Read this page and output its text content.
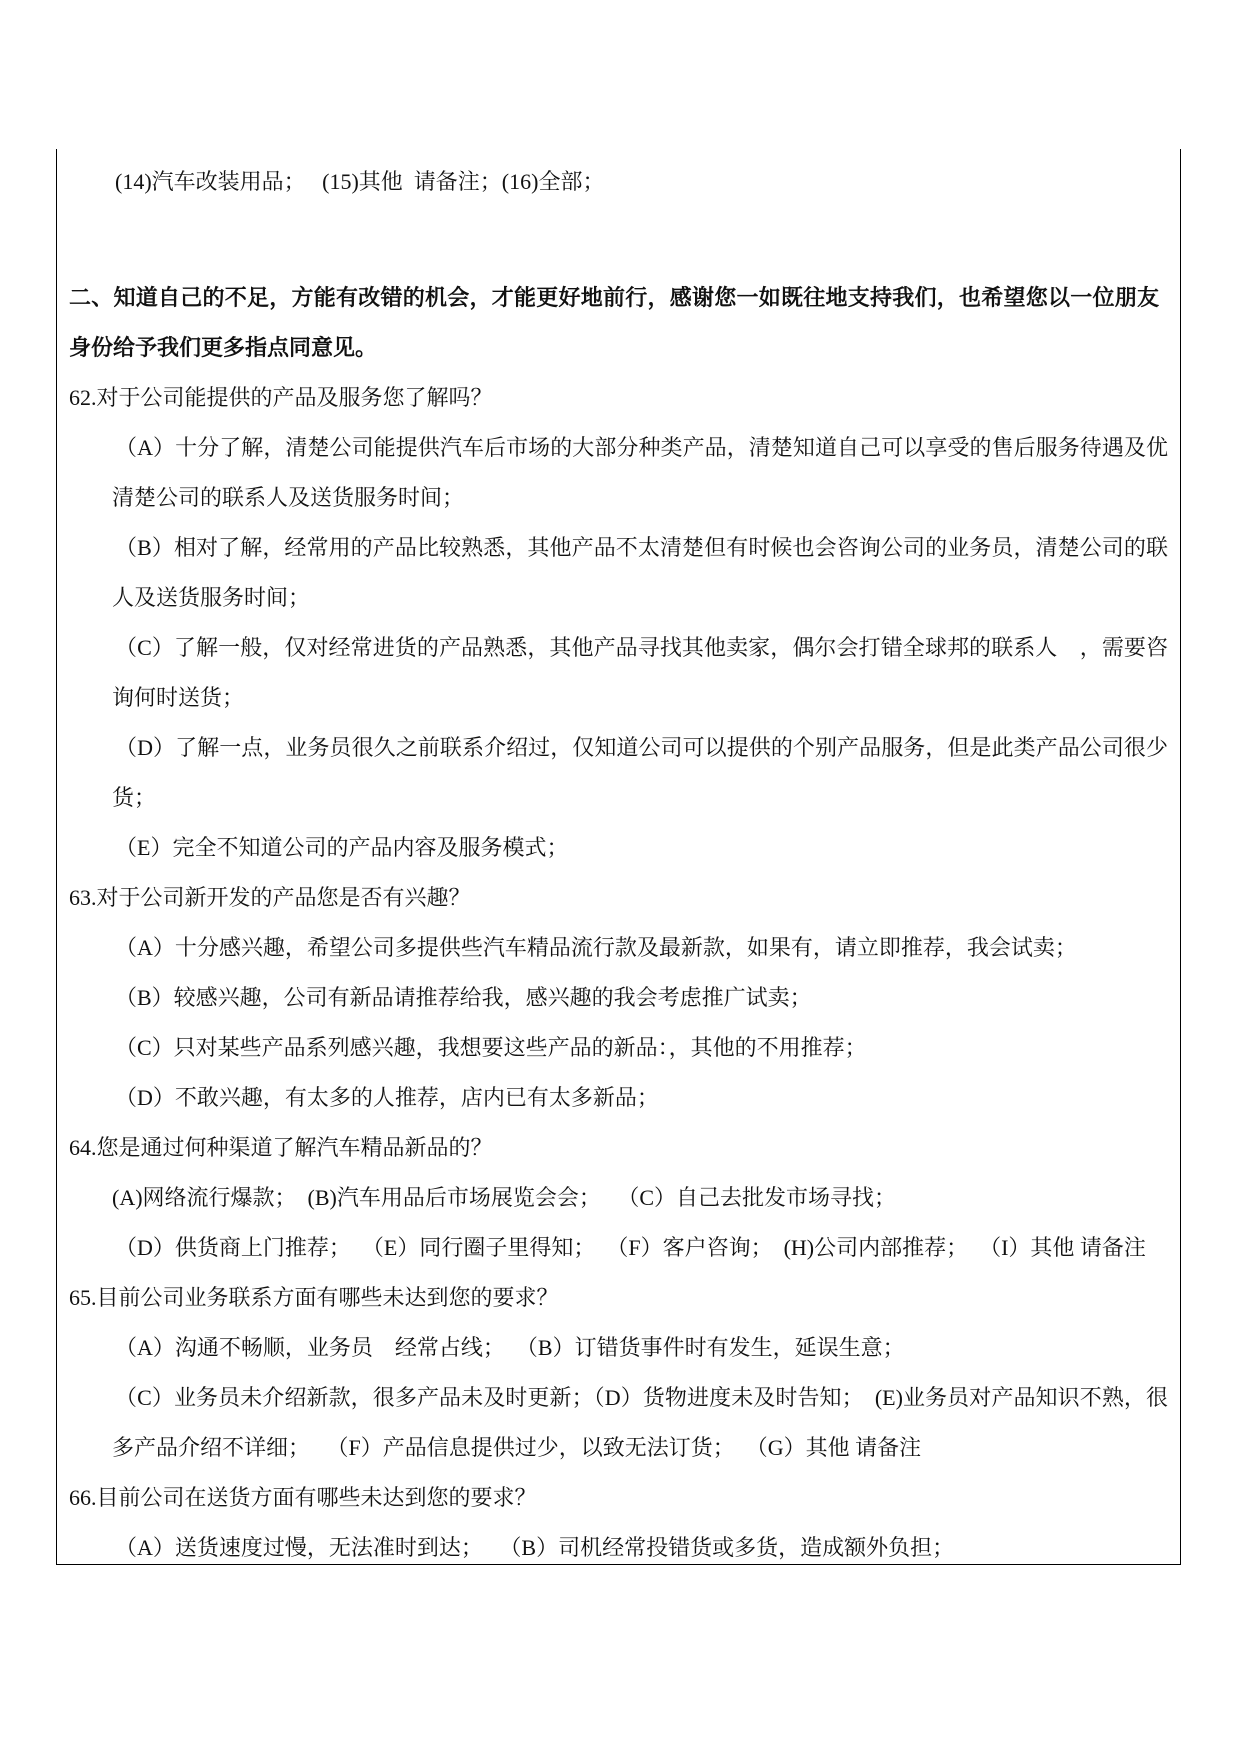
(14)汽车改装用品；   (15)其他  请备注；(16)全部；
二、知道自己的不足，方能有改错的机会，才能更好地前行，感谢您一如既往地支持我们，也希望您以一位朋友
身份给予我们更多指点同意见。
62.对于公司能提供的产品及服务您了解吗？
（A）十分了解，清楚公司能提供汽车后市场的大部分种类产品，清楚知道自己可以享受的售后服务待遇及优
清楚公司的联系人及送货服务时间；
（B）相对了解，经常用的产品比较熟悉，其他产品不太清楚但有时候也会咨询公司的业务员，清楚公司的联
人及送货服务时间；
（C）了解一般，仅对经常进货的产品熟悉，其他产品寻找其他卖家，偶尔会打错全球邦的联系人    ，需要咨
询何时送货；
（D）了解一点，业务员很久之前联系介绍过，仅知道公司可以提供的个别产品服务，但是此类产品公司很少
货；
（E）完全不知道公司的产品内容及服务模式；
63.对于公司新开发的产品您是否有兴趣？
（A）十分感兴趣，希望公司多提供些汽车精品流行款及最新款，如果有，请立即推荐，我会试卖；
（B）较感兴趣，公司有新品请推荐给我，感兴趣的我会考虑推广试卖；
（C）只对某些产品系列感兴趣，我想要这些产品的新品：，其他的不用推荐；
（D）不敢兴趣，有太多的人推荐，店内已有太多新品；
64.您是通过何种渠道了解汽车精品新品的？
(A)网络流行爆款；  (B)汽车用品后市场展览会会；   （C）自己去批发市场寻找；
（D）供货商上门推荐；  （E）同行圈子里得知；  （F）客户咨询；  (H)公司内部推荐；  （I）其他 请备注
65.目前公司业务联系方面有哪些未达到您的要求？
（A）沟通不畅顺，业务员    经常占线；  （B）订错货事件时有发生，延误生意；
（C）业务员未介绍新款，很多产品未及时更新；（D）货物进度未及时告知；  (E)业务员对产品知识不熟，很
多产品介绍不详细；   （F）产品信息提供过少，以致无法订货；  （G）其他 请备注
66.目前公司在送货方面有哪些未达到您的要求？
（A）送货速度过慢，无法准时到达；   （B）司机经常投错货或多货，造成额外负担；
